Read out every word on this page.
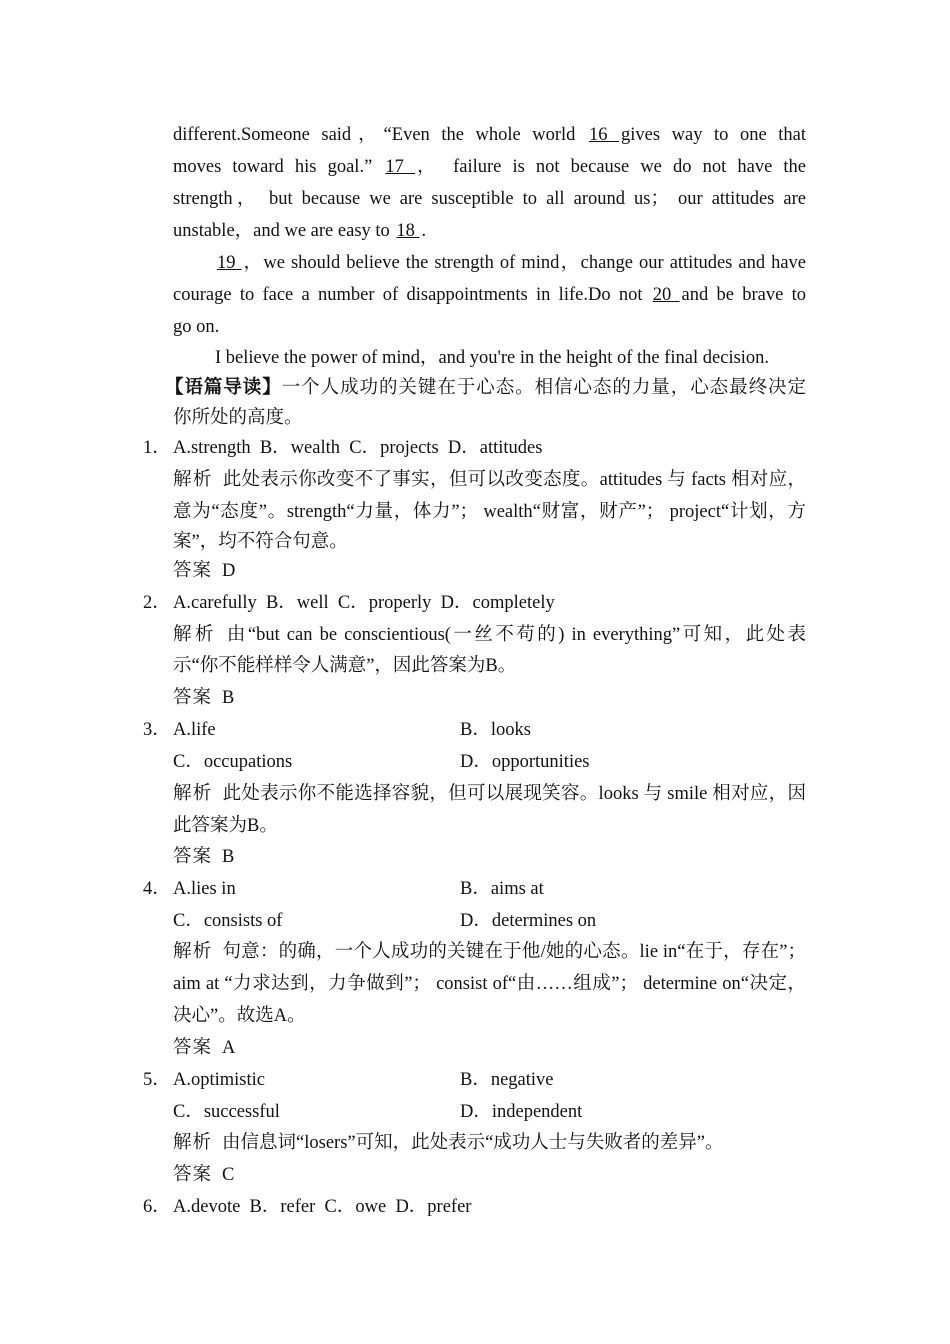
different.Someone said，“Even the whole world 16 gives way to one that
moves toward his goal.” 17 ， failure is not because we do not have the
strength， but because we are susceptible to all around us； our attitudes are
unstable，and we are easy to 18 .
19 ，we should believe the strength of mind，change our attitudes and have
courage to face a number of disappointments in life.Do not 20 and be brave to
go on.
I believe the power of mind，and you're in the height of the final decision.
【语篇导读】一个人成功的关键在于心态。相信心态的力量，心态最终决定
你所处的高度。
1． A.strength  B．wealth  C．projects  D．attitudes
解析 此处表示你改变不了事实，但可以改变态度。attitudes 与 facts 相对应，
意为“态度”。strength“力量，体力”； wealth“财富，财产”； project“计划，方
案”，均不符合句意。
答案 D
2． A.carefully  B．well  C．properly  D．completely
解析 由“but can be conscientious(一丝不苟的) in everything”可知，此处表
示“你不能样样令人满意”，因此答案为B。
答案 B
3． A.life	B．looks
C．occupations	D．opportunities
解析 此处表示你不能选择容貌，但可以展现笑容。looks 与 smile 相对应，因
此答案为B。
答案 B
4． A.lies in	B．aims at
C．consists of	D．determines on
解析 句意：的确，一个人成功的关键在于他/她的心态。lie in“在于，存在”；
aim at “力求达到，力争做到”； consist of“由……组成”； determine on“决定，
决心”。故选A。
答案 A
5． A.optimistic	B．negative
C．successful	D．independent
解析 由信息词“losers”可知，此处表示“成功人士与失败者的差异”。
答案 C
6． A.devote  B．refer  C．owe  D．prefer
